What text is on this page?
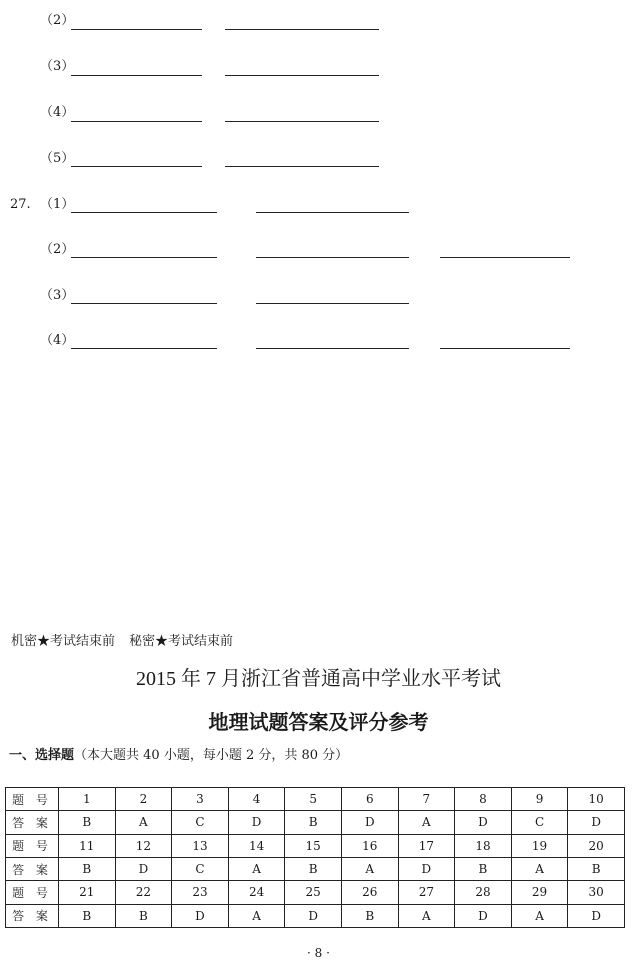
（2）
（3）
（4）
（5）
27. （1）
（2）
（3）
（4）
机密★考试结束前 秘密★考试结束前
2015 年 7 月浙江省普通高中学业水平考试
地理试题答案及评分参考
一、选择题（本大题共 40 小题，每小题 2 分，共 80 分）
题 号	1	2	3	4	5	6	7	8	9	10
答 案	B	A	C	D	B	D	A	D	C	D
题 号	11	12	13	14	15	16	17	18	19	20
答 案	B	D	C	A	B	A	D	B	A	B
题 号	21	22	23	24	25	26	27	28	29	30
答 案	B	B	D	A	D	B	A	D	A	D
· 8 ·
